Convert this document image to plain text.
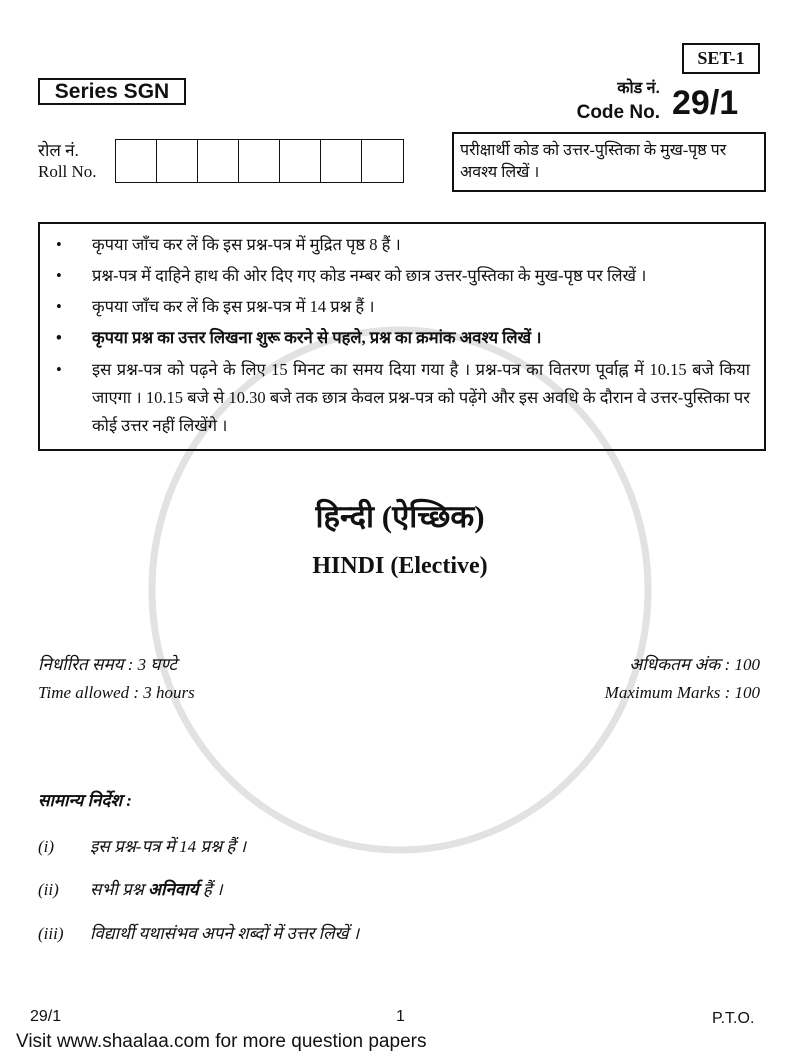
SET-1
Series SGN	कोड नं.
Code No. 29/1
रोल नं.
Roll No.
परीक्षार्थी कोड को उत्तर-पुस्तिका के मुख-पृष्ठ पर अवश्य लिखें ।
• कृपया जाँच कर लें कि इस प्रश्न-पत्र में मुद्रित पृष्ठ 8 हैं ।
• प्रश्न-पत्र में दाहिने हाथ की ओर दिए गए कोड नम्बर को छात्र उत्तर-पुस्तिका के मुख-पृष्ठ पर लिखें ।
• कृपया जाँच कर लें कि इस प्रश्न-पत्र में 14 प्रश्न हैं ।
• कृपया प्रश्न का उत्तर लिखना शुरू करने से पहले, प्रश्न का क्रमांक अवश्य लिखें ।
• इस प्रश्न-पत्र को पढ़ने के लिए 15 मिनट का समय दिया गया है । प्रश्न-पत्र का वितरण पूर्वाह्न में 10.15 बजे किया जाएगा । 10.15 बजे से 10.30 बजे तक छात्र केवल प्रश्न-पत्र को पढ़ेंगे और इस अवधि के दौरान वे उत्तर-पुस्तिका पर कोई उत्तर नहीं लिखेंगे ।
हिन्दी (ऐच्छिक)
HINDI (Elective)
निर्धारित समय : 3 घण्टे
Time allowed : 3 hours
अधिकतम अंक : 100
Maximum Marks : 100
सामान्य निर्देश :
(i) इस प्रश्न-पत्र में 14 प्रश्न हैं ।
(ii) सभी प्रश्न अनिवार्य हैं ।
(iii) विद्यार्थी यथासंभव अपने शब्दों में उत्तर लिखें ।
29/1	1	P.T.O.
Visit www.shaalaa.com for more question papers
